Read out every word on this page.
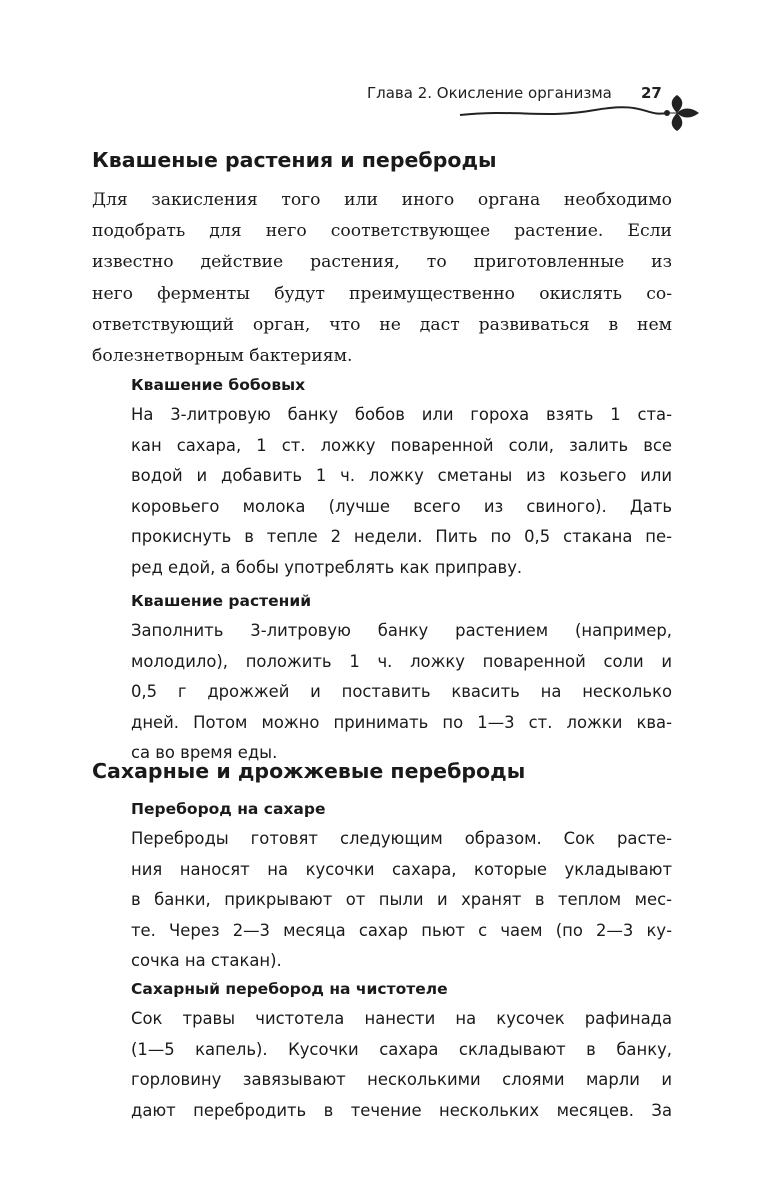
Глава 2. Окисление организма 27
Квашеные растения и переброды
Для закисления того или иного органа необходимо
подобрать для него соответствующее растение. Если
известно действие растения, то приготовленные из
него ферменты будут преимущественно окислять со-
ответствующий орган, что не даст развиваться в нем
болезнетворным бактериям.
Квашение бобовых
На 3-литровую банку бобов или гороха взять 1 ста-
кан сахара, 1 ст. ложку поваренной соли, залить все
водой и добавить 1 ч. ложку сметаны из козьего или
коровьего молока (лучше всего из свиного). Дать
прокиснуть в тепле 2 недели. Пить по 0,5 стакана пе-
ред едой, а бобы употреблять как приправу.
Квашение растений
Заполнить 3-литровую банку растением (например,
молодило), положить 1 ч. ложку поваренной соли и
0,5 г дрожжей и поставить квасить на несколько
дней. Потом можно принимать по 1—3 ст. ложки ква-
са во время еды.
Сахарные и дрожжевые переброды
Перебород на сахаре
Переброды готовят следующим образом. Сок расте-
ния наносят на кусочки сахара, которые укладывают
в банки, прикрывают от пыли и хранят в теплом мес-
те. Через 2—3 месяца сахар пьют с чаем (по 2—3 ку-
сочка на стакан).
Сахарный перебород на чистотеле
Сок травы чистотела нанести на кусочек рафинада
(1—5 капель). Кусочки сахара складывают в банку,
горловину завязывают несколькими слоями марли и
дают перебродить в течение нескольких месяцев. За
